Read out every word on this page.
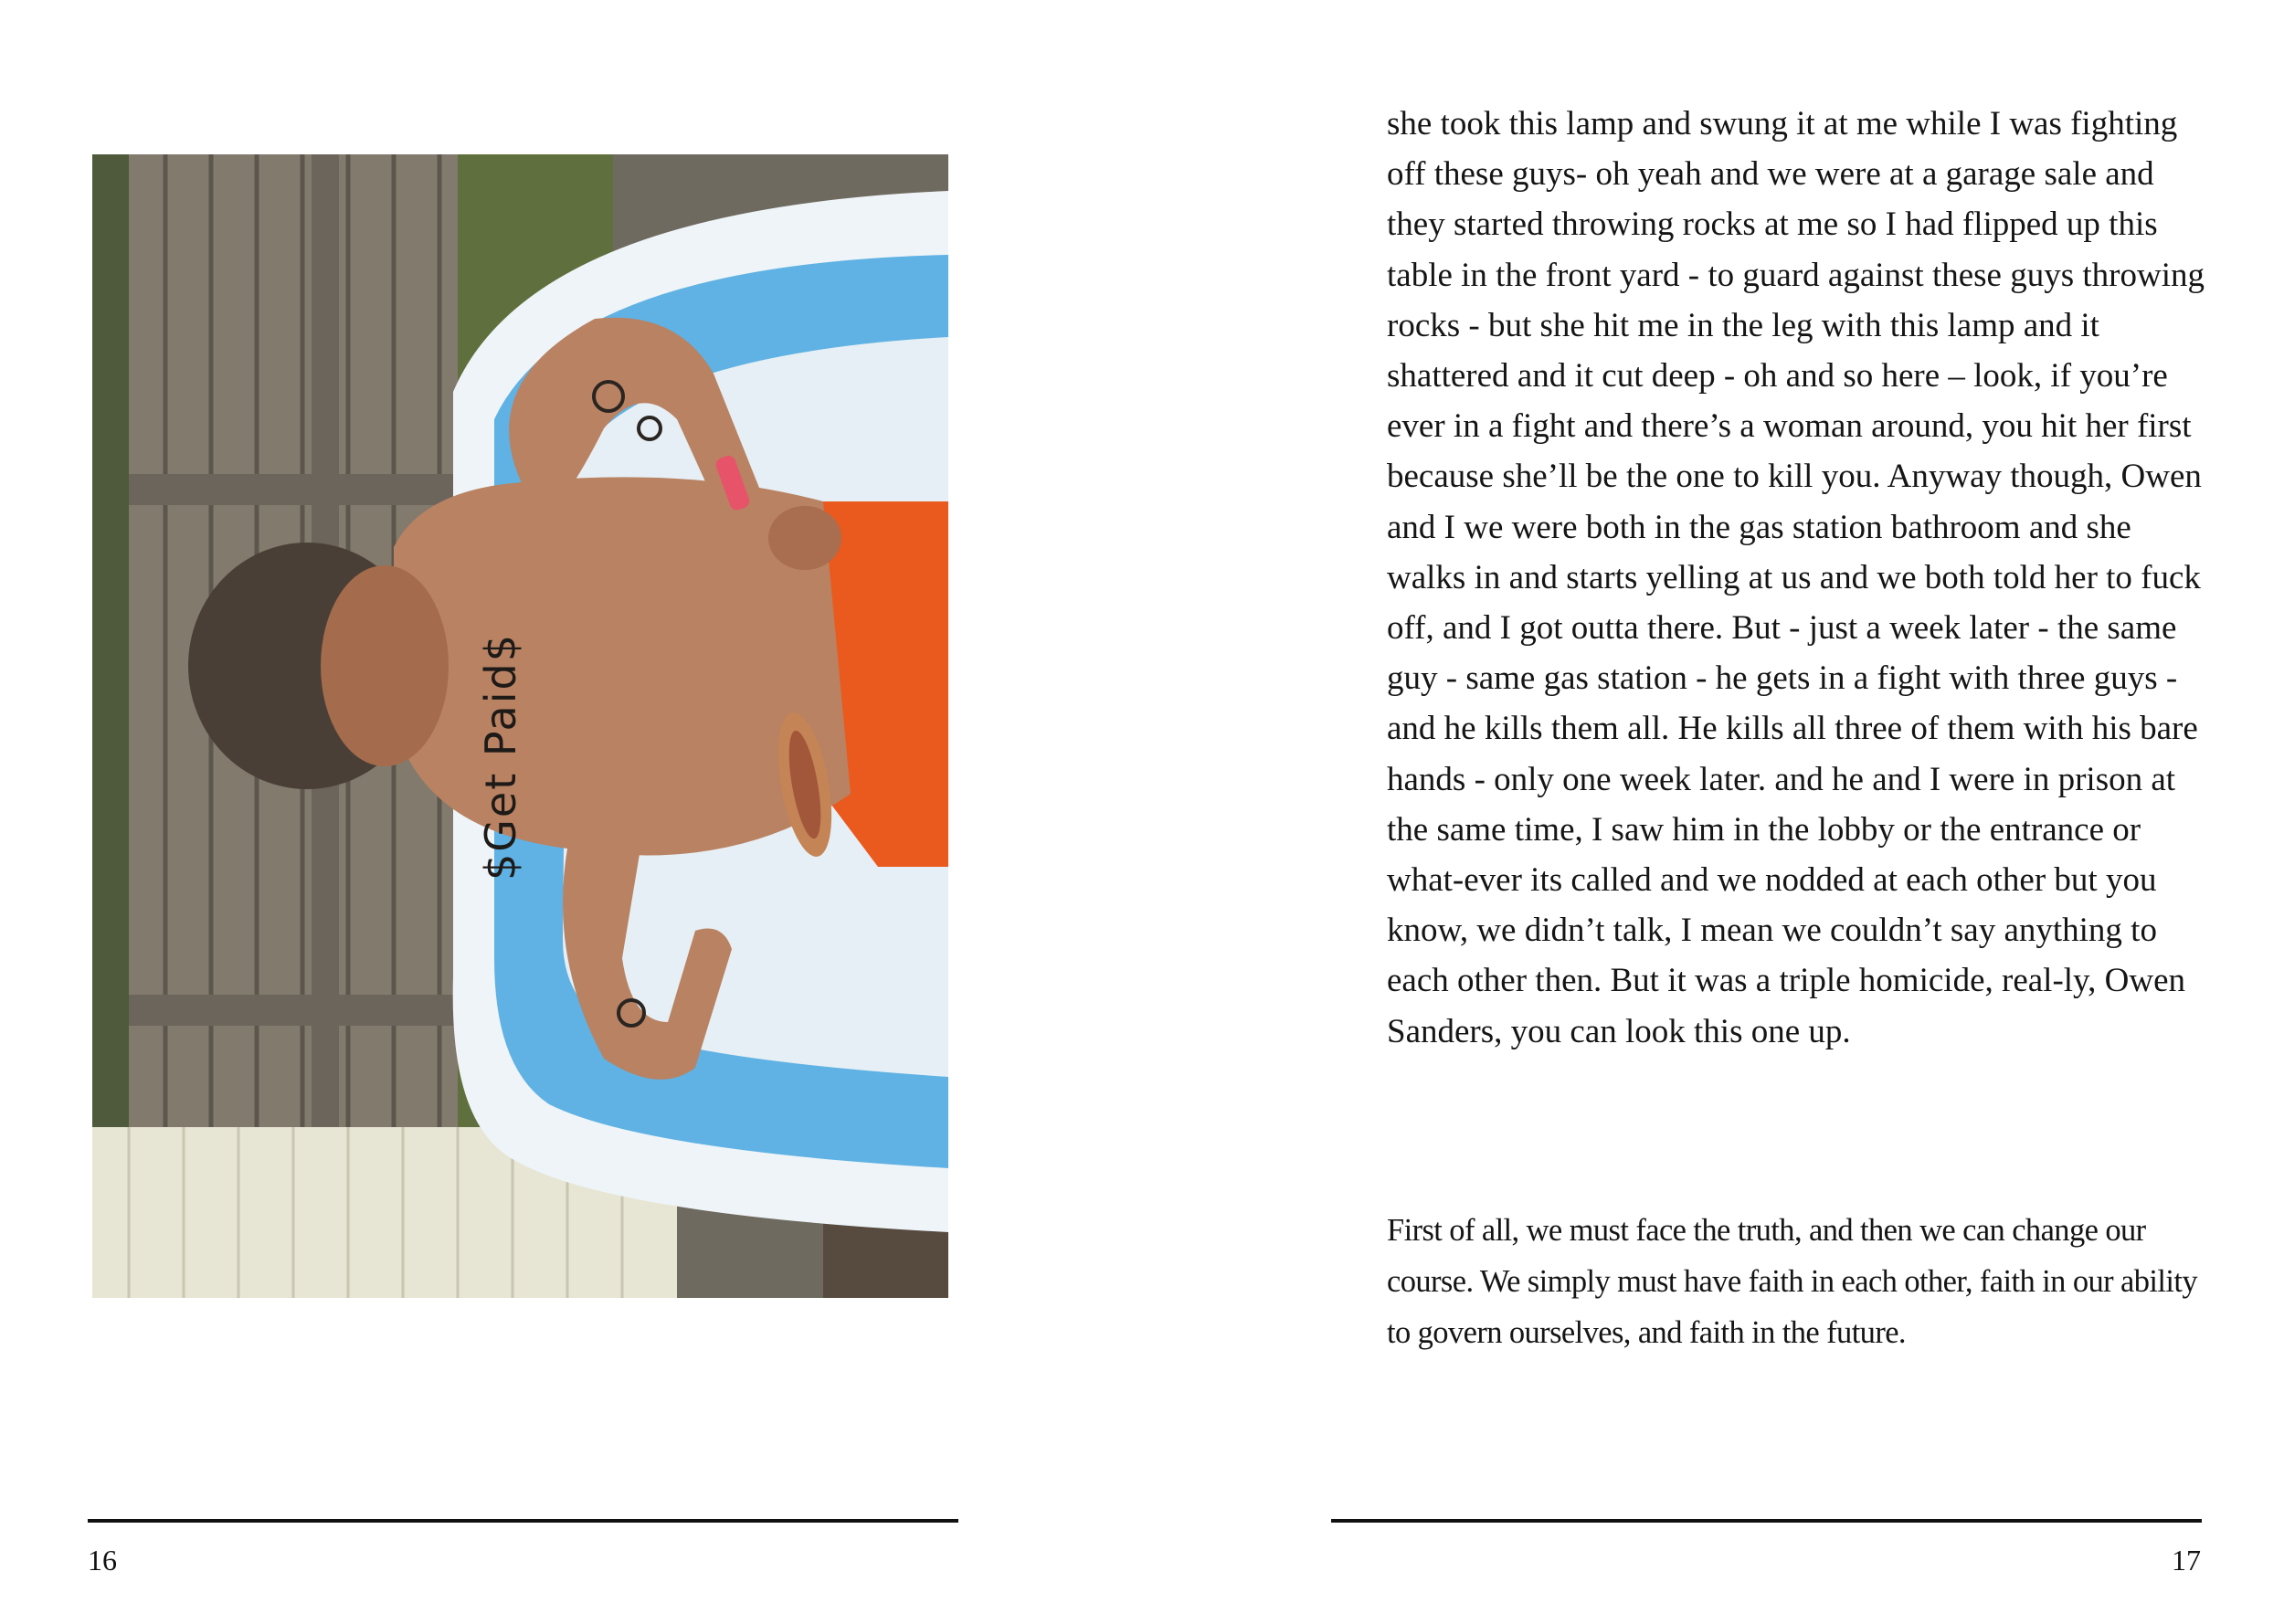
$Get Paid$
16

she took this lamp and swung it at me while I was fighting off these guys- oh yeah and we were at a garage sale and they started throwing rocks at me so I had flipped up this table in the front yard - to guard against these guys throwing rocks - but she hit me in the leg with this lamp and it shattered and it cut deep - oh and so here – look, if you’re ever in a fight and there’s a woman around, you hit her first because she’ll be the one to kill you. Anyway though, Owen and I we were both in the gas station bathroom and she walks in and starts yelling at us and we both told her to fuck off, and I got outta there. But - just a week later - the same guy - same gas station - he gets in a fight with three guys - and he kills them all. He kills all three of them with his bare hands - only one week later. and he and I were in prison at the same time, I saw him in the lobby or the entrance or what-ever its called and we nodded at each other but you know, we didn’t talk, I mean we couldn’t say anything to each other then. But it was a triple homicide, real-ly, Owen Sanders, you can look this one up.

First of all, we must face the truth, and then we can change our course. We simply must have faith in each other, faith in our ability to govern ourselves, and faith in the future.

17
